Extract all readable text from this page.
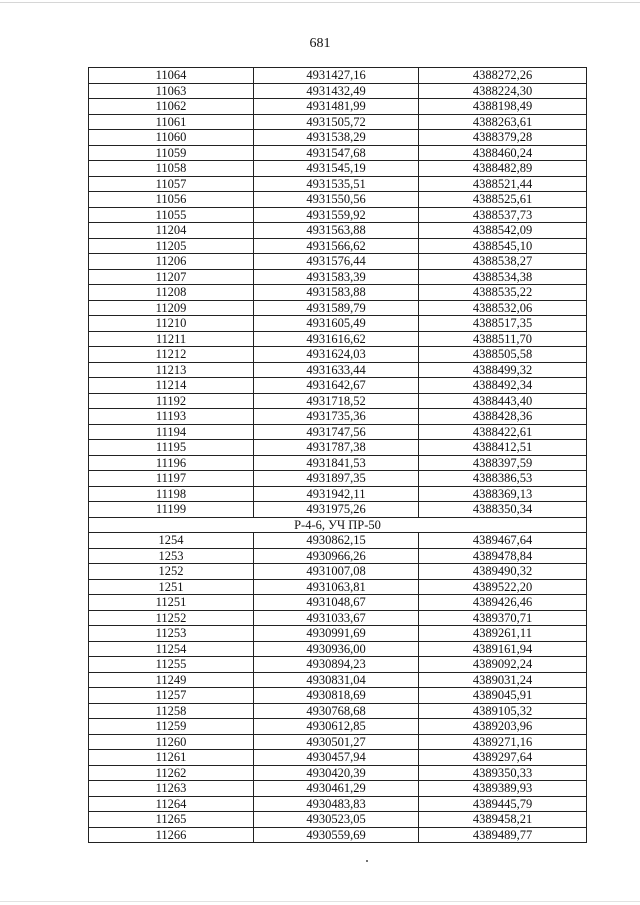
681
11064	4931427,16	4388272,26
11063	4931432,49	4388224,30
11062	4931481,99	4388198,49
11061	4931505,72	4388263,61
11060	4931538,29	4388379,28
11059	4931547,68	4388460,24
11058	4931545,19	4388482,89
11057	4931535,51	4388521,44
11056	4931550,56	4388525,61
11055	4931559,92	4388537,73
11204	4931563,88	4388542,09
11205	4931566,62	4388545,10
11206	4931576,44	4388538,27
11207	4931583,39	4388534,38
11208	4931583,88	4388535,22
11209	4931589,79	4388532,06
11210	4931605,49	4388517,35
11211	4931616,62	4388511,70
11212	4931624,03	4388505,58
11213	4931633,44	4388499,32
11214	4931642,67	4388492,34
11192	4931718,52	4388443,40
11193	4931735,36	4388428,36
11194	4931747,56	4388422,61
11195	4931787,38	4388412,51
11196	4931841,53	4388397,59
11197	4931897,35	4388386,53
11198	4931942,11	4388369,13
11199	4931975,26	4388350,34
Р-4-6, УЧ ПР-50		
1254	4930862,15	4389467,64
1253	4930966,26	4389478,84
1252	4931007,08	4389490,32
1251	4931063,81	4389522,20
11251	4931048,67	4389426,46
11252	4931033,67	4389370,71
11253	4930991,69	4389261,11
11254	4930936,00	4389161,94
11255	4930894,23	4389092,24
11249	4930831,04	4389031,24
11257	4930818,69	4389045,91
11258	4930768,68	4389105,32
11259	4930612,85	4389203,96
11260	4930501,27	4389271,16
11261	4930457,94	4389297,64
11262	4930420,39	4389350,33
11263	4930461,29	4389389,93
11264	4930483,83	4389445,79
11265	4930523,05	4389458,21
11266	4930559,69	4389489,77
